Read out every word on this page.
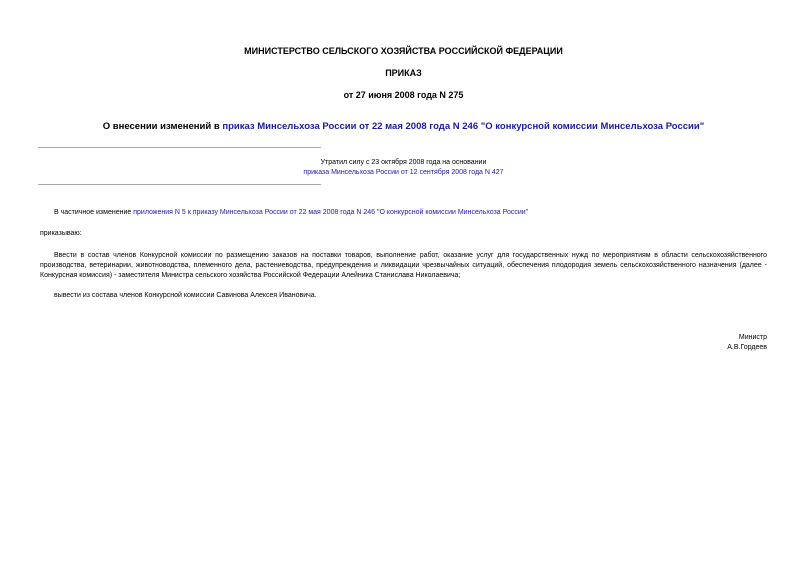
МИНИСТЕРСТВО СЕЛЬСКОГО ХОЗЯЙСТВА РОССИЙСКОЙ ФЕДЕРАЦИИ
ПРИКАЗ
от 27 июня 2008 года N 275
О внесении изменений в приказ Минсельхоза России от 22 мая 2008 года N 246 "О конкурсной комиссии Минсельхоза России"
Утратил силу с 23 октября 2008 года на основании
приказа Минсельхоза России от 12 сентября 2008 года N 427
В частичное изменение приложения N 5 к приказу Минсельхоза России от 22 мая 2008 года N 246 "О конкурсной комиссии Минсельхоза России"
приказываю:
Ввести в состав членов Конкурсной комиссии по размещению заказов на поставки товаров, выполнение работ, оказание услуг для государственных нужд по мероприятиям в области сельскохозяйственного производства, ветеринарии, животноводства, племенного дела, растениеводства, предупреждения и ликвидации чрезвычайных ситуаций, обеспечения плодородия земель сельскохозяйственного назначения (далее - Конкурсная комиссия) - заместителя Министра сельского хозяйства Российской Федерации Алейника Станислава Николаевича;
вывести из состава членов Конкурсной комиссии Савинова Алексея Ивановича.
Министр
А.В.Гордеев
